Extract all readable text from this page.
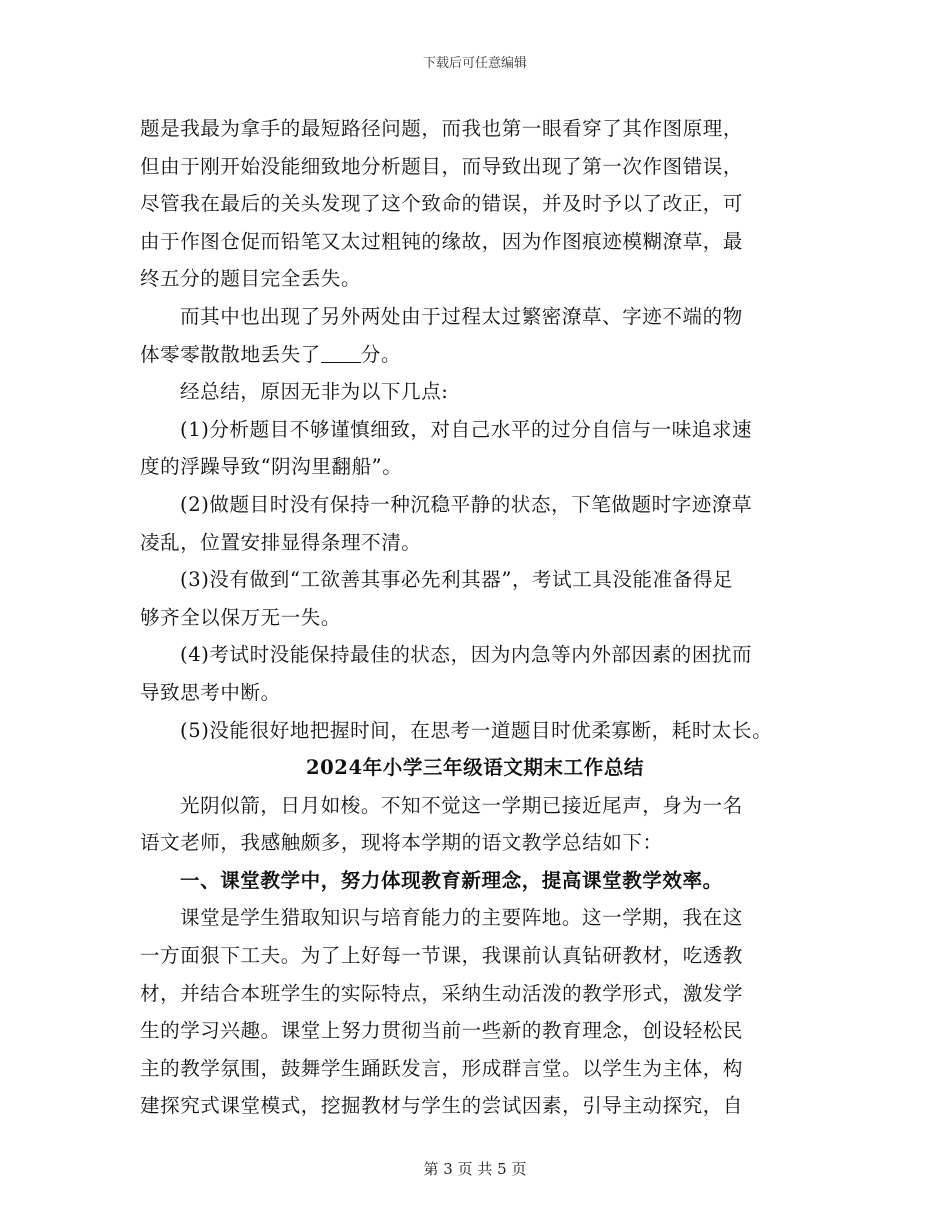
下载后可任意编辑
题是我最为拿手的最短路径问题，而我也第一眼看穿了其作图原理，
但由于刚开始没能细致地分析题目，而导致出现了第一次作图错误，
尽管我在最后的关头发现了这个致命的错误，并及时予以了改正，可
由于作图仓促而铅笔又太过粗钝的缘故，因为作图痕迹模糊潦草，最
终五分的题目完全丢失。
而其中也出现了另外两处由于过程太过繁密潦草、字迹不端的物
体零零散散地丢失了 分。
经总结，原因无非为以下几点:
(1)分析题目不够谨慎细致，对自己水平的过分自信与一味追求速
度的浮躁导致“阴沟里翻船”。
(2)做题目时没有保持一种沉稳平静的状态，下笔做题时字迹潦草
凌乱，位置安排显得条理不清。
(3)没有做到“工欲善其事必先利其器”，考试工具没能准备得足
够齐全以保万无一失。
(4)考试时没能保持最佳的状态，因为内急等内外部因素的困扰而
导致思考中断。
(5)没能很好地把握时间，在思考一道题目时优柔寡断，耗时太长。
2024年小学三年级语文期末工作总结
光阴似箭，日月如梭。不知不觉这一学期已接近尾声，身为一名
语文老师，我感触颇多，现将本学期的语文教学总结如下：
一、课堂教学中，努力体现教育新理念，提高课堂教学效率。
课堂是学生猎取知识与培育能力的主要阵地。这一学期，我在这
一方面狠下工夫。为了上好每一节课，我课前认真钻研教材，吃透教
材，并结合本班学生的实际特点，采纳生动活泼的教学形式，激发学
生的学习兴趣。课堂上努力贯彻当前一些新的教育理念，创设轻松民
主的教学氛围，鼓舞学生踊跃发言，形成群言堂。以学生为主体，构
建探究式课堂模式，挖掘教材与学生的尝试因素，引导主动探究，自
第 3 页 共 5 页
